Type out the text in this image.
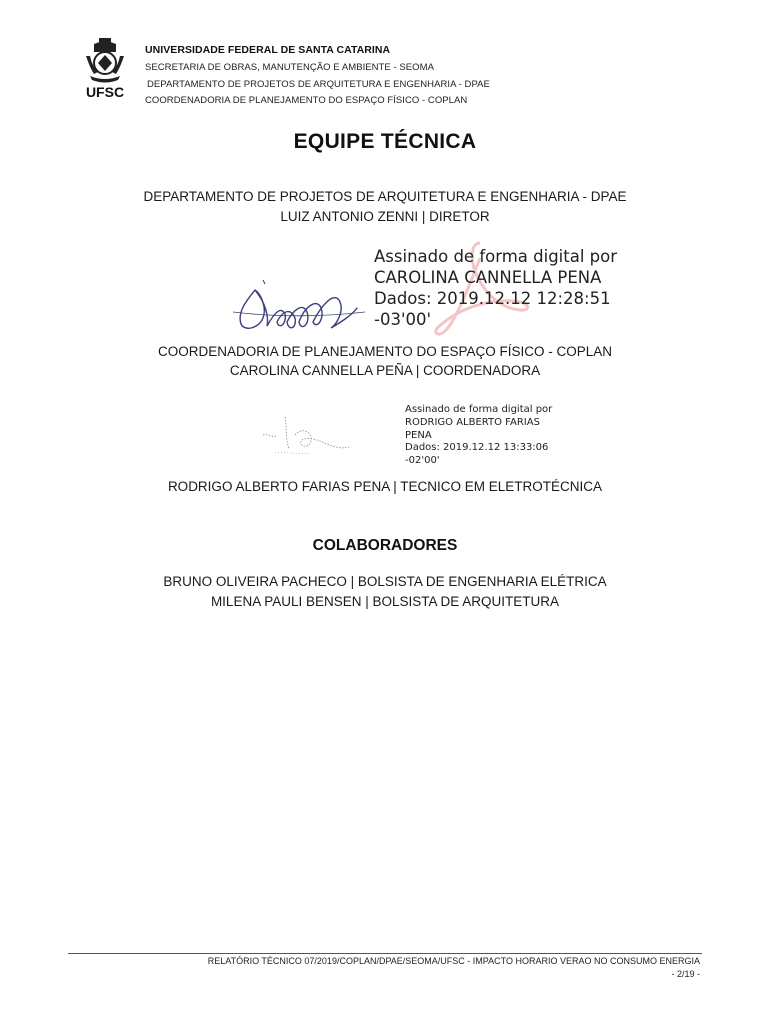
UFSC
UNIVERSIDADE FEDERAL DE SANTA CATARINA
SECRETARIA DE OBRAS, MANUTENÇÃO E AMBIENTE - SEOMA
DEPARTAMENTO DE PROJETOS DE ARQUITETURA E ENGENHARIA - DPAE
COORDENADORIA DE PLANEJAMENTO DO ESPAÇO FÍSICO - COPLAN
EQUIPE TÉCNICA
DEPARTAMENTO DE PROJETOS DE ARQUITETURA E ENGENHARIA - DPAE
LUIZ ANTONIO ZENNI | DIRETOR
Assinado de forma digital por
CAROLINA CANNELLA PENA
Dados: 2019.12.12 12:28:51
-03'00'
COORDENADORIA DE PLANEJAMENTO DO ESPAÇO FÍSICO - COPLAN
CAROLINA CANNELLA PEÑA | COORDENADORA
Assinado de forma digital por
RODRIGO ALBERTO FARIAS
PENA
Dados: 2019.12.12 13:33:06
-02'00'
RODRIGO ALBERTO FARIAS PENA | TECNICO EM ELETROTÉCNICA
COLABORADORES
BRUNO OLIVEIRA PACHECO | BOLSISTA DE ENGENHARIA ELÉTRICA
MILENA PAULI BENSEN | BOLSISTA DE ARQUITETURA
RELATÓRIO TÉCNICO 07/2019/COPLAN/DPAE/SEOMA/UFSC - IMPACTO HORARIO VERAO NO CONSUMO ENERGIA
- 2/19 -
